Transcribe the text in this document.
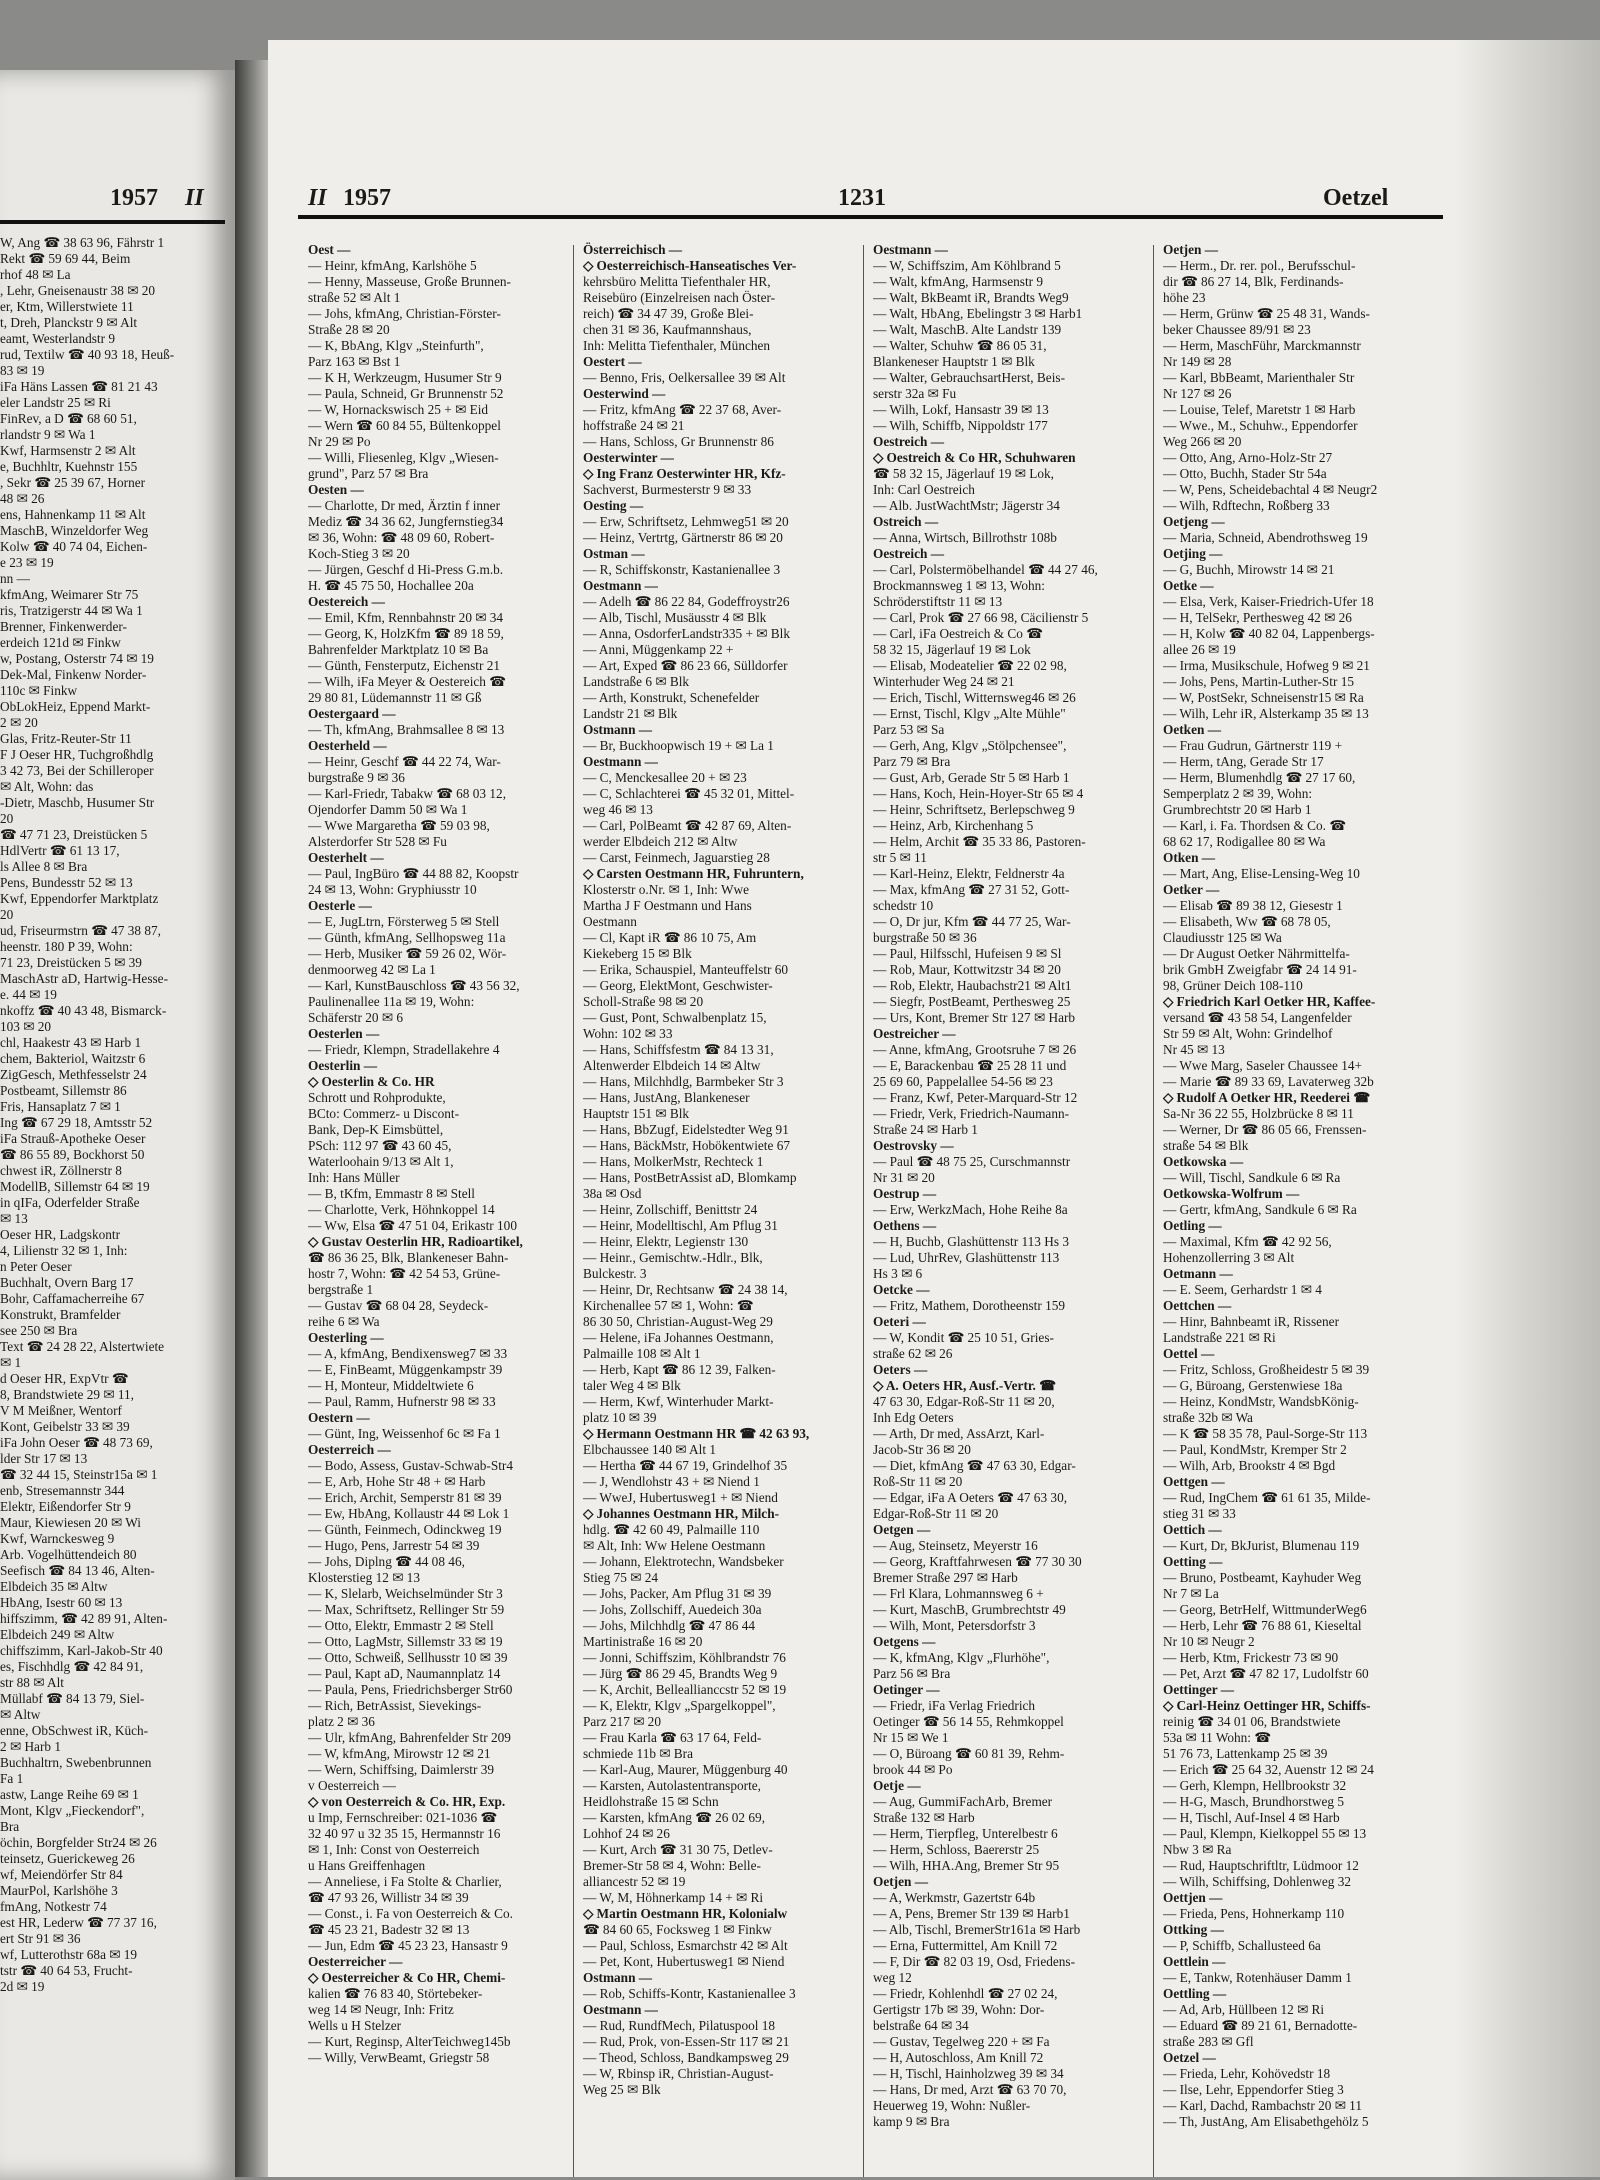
1957 II
W, Ang ☎ 38 63 96, Fährstr 1
Rekt ☎ 59 69 44, Beim
rhof 48 ✉ La
, Lehr, Gneisenaustr 38 ✉ 20
er, Ktm, Willerstwiete 11
t, Dreh, Planckstr 9 ✉ Alt
eamt, Westerlandstr 9
rud, Textilw ☎ 40 93 18, Heuß-
83 ✉ 19
iFa Häns Lassen ☎ 81 21 43
eler Landstr 25 ✉ Ri
FinRev, a D ☎ 68 60 51,
rlandstr 9 ✉ Wa 1
Kwf, Harmsenstr 2 ✉ Alt
e, Buchhltr, Kuehnstr 155
, Sekr ☎ 25 39 67, Horner
48 ✉ 26
ens, Hahnenkamp 11 ✉ Alt
MaschB, Winzeldorfer Weg
Kolw ☎ 40 74 04, Eichen-
e 23 ✉ 19
nn —
kfmAng, Weimarer Str 75
ris, Tratzigerstr 44 ✉ Wa 1
Brenner, Finkenwerder-
erdeich 121d ✉ Finkw
w, Postang, Osterstr 74 ✉ 19
Dek-Mal, Finkenw Norder-
110c ✉ Finkw
ObLokHeiz, Eppend Markt-
2 ✉ 20
Glas, Fritz-Reuter-Str 11
F J Oeser HR, Tuchgroßhdlg
3 42 73, Bei der Schilleroper
✉ Alt, Wohn: das
-Dietr, Maschb, Husumer Str
20
☎ 47 71 23, Dreistücken 5
HdlVertr ☎ 61 13 17,
ls Allee 8 ✉ Bra
Pens, Bundesstr 52 ✉ 13
Kwf, Eppendorfer Marktplatz
20
ud, Friseurmstrn ☎ 47 38 87,
heenstr. 180 P 39, Wohn:
71 23, Dreistücken 5 ✉ 39
MaschAstr aD, Hartwig-Hesse-
e. 44 ✉ 19
nkoffz ☎ 40 43 48, Bismarck-
103 ✉ 20
chl, Haakestr 43 ✉ Harb 1
chem, Bakteriol, Waitzstr 6
ZigGesch, Methfesselstr 24
Postbeamt, Sillemstr 86
Fris, Hansaplatz 7 ✉ 1
Ing ☎ 67 29 18, Amtsstr 52
iFa Strauß-Apotheke Oeser
☎ 86 55 89, Bockhorst 50
chwest iR, Zöllnerstr 8
ModellB, Sillemstr 64 ✉ 19
in qIFa, Oderfelder Straße
✉ 13
Oeser HR, Ladgskontr
4, Lilienstr 32 ✉ 1, Inh:
n Peter Oeser
Buchhalt, Overn Barg 17
Bohr, Caffamacherreihe 67
Konstrukt, Bramfelder
see 250 ✉ Bra
Text ☎ 24 28 22, Alstertwiete
✉ 1
d Oeser HR, ExpVtr ☎
8, Brandstwiete 29 ✉ 11,
V M Meißner, Wentorf
Kont, Geibelstr 33 ✉ 39
iFa John Oeser ☎ 48 73 69,
lder Str 17 ✉ 13
☎ 32 44 15, Steinstr15a ✉ 1
enb, Stresemannstr 344
Elektr, Eißendorfer Str 9
Maur, Kiewiesen 20 ✉ Wi
Kwf, Warnckesweg 9
Arb. Vogelhüttendeich 80
Seefisch ☎ 84 13 46, Alten-
Elbdeich 35 ✉ Altw
HbAng, Isestr 60 ✉ 13
hiffszimm, ☎ 42 89 91, Alten-
Elbdeich 249 ✉ Altw
chiffszimm, Karl-Jakob-Str 40
es, Fischhdlg ☎ 42 84 91,
str 88 ✉ Alt
Müllabf ☎ 84 13 79, Siel-
✉ Altw
enne, ObSchwest iR, Küch-
2 ✉ Harb 1
Buchhaltrn, Swebenbrunnen
Fa 1
astw, Lange Reihe 69 ✉ 1
Mont, Klgv „Fieckendorf",
Bra
öchin, Borgfelder Str24 ✉ 26
teinsetz, Guerickeweg 26
wf, Meiendörfer Str 84
MaurPol, Karlshöhe 3
fmAng, Notkestr 74
est HR, Lederw ☎ 77 37 16,
ert Str 91 ✉ 36
wf, Lutterothstr 68a ✉ 19
tstr ☎ 40 64 53, Frucht-
2d ✉ 19
II 1957	1231	Oetzel
Oest —
— Heinr, kfmAng, Karlshöhe 5
— Henny, Masseuse, Große Brunnen-
straße 52 ✉ Alt 1
— Johs, kfmAng, Christian-Förster-
Straße 28 ✉ 20
— K, BbAng, Klgv „Steinfurth",
Parz 163 ✉ Bst 1
— K H, Werkzeugm, Husumer Str 9
— Paula, Schneid, Gr Brunnenstr 52
— W, Hornackswisch 25 + ✉ Eid
— Wern ☎ 60 84 55, Bültenkoppel
Nr 29 ✉ Po
— Willi, Fliesenleg, Klgv „Wiesen-
grund", Parz 57 ✉ Bra
Oesten —
— Charlotte, Dr med, Ärztin f inner
Mediz ☎ 34 36 62, Jungfernstieg34
✉ 36, Wohn: ☎ 48 09 60, Robert-
Koch-Stieg 3 ✉ 20
— Jürgen, Geschf d Hi-Press G.m.b.
H. ☎ 45 75 50, Hochallee 20a
Oestereich —
— Emil, Kfm, Rennbahnstr 20 ✉ 34
— Georg, K, HolzKfm ☎ 89 18 59,
Bahrenfelder Marktplatz 10 ✉ Ba
— Günth, Fensterputz, Eichenstr 21
— Wilh, iFa Meyer & Oestereich ☎
29 80 81, Lüdemannstr 11 ✉ Gß
Oestergaard —
— Th, kfmAng, Brahmsallee 8 ✉ 13
Oesterheld —
— Heinr, Geschf ☎ 44 22 74, War-
burgstraße 9 ✉ 36
— Karl-Friedr, Tabakw ☎ 68 03 12,
Ojendorfer Damm 50 ✉ Wa 1
— Wwe Margaretha ☎ 59 03 98,
Alsterdorfer Str 528 ✉ Fu
Oesterhelt —
— Paul, IngBüro ☎ 44 88 82, Koopstr
24 ✉ 13, Wohn: Gryphiusstr 10
Oesterle —
— E, JugLtrn, Försterweg 5 ✉ Stell
— Günth, kfmAng, Sellhopsweg 11a
— Herb, Musiker ☎ 59 26 02, Wör-
denmoorweg 42 ✉ La 1
— Karl, KunstBauschloss ☎ 43 56 32,
Paulinenallee 11a ✉ 19, Wohn:
Schäferstr 20 ✉ 6
Oesterlen —
— Friedr, Klempn, Stradellakehre 4
Oesterlin —
◇ Oesterlin & Co. HR
Schrott und Rohprodukte,
BCto: Commerz- u Discont-
Bank, Dep-K Eimsbüttel,
PSch: 112 97 ☎ 43 60 45,
Waterloohain 9/13 ✉ Alt 1,
Inh: Hans Müller
— B, tKfm, Emmastr 8 ✉ Stell
— Charlotte, Verk, Höhnkoppel 14
— Ww, Elsa ☎ 47 51 04, Erikastr 100
◇ Gustav Oesterlin HR, Radioartikel,
☎ 86 36 25, Blk, Blankeneser Bahn-
hostr 7, Wohn: ☎ 42 54 53, Grüne-
bergstraße 1
— Gustav ☎ 68 04 28, Seydeck-
reihe 6 ✉ Wa
Oesterling —
— A, kfmAng, Bendixensweg7 ✉ 33
— E, FinBeamt, Müggenkampstr 39
— H, Monteur, Middeltwiete 6
— Paul, Ramm, Hufnerstr 98 ✉ 33
Oestern —
— Günt, Ing, Weissenhof 6c ✉ Fa 1
Oesterreich —
— Bodo, Assess, Gustav-Schwab-Str4
— E, Arb, Hohe Str 48 + ✉ Harb
— Erich, Archit, Semperstr 81 ✉ 39
— Ew, HbAng, Kollaustr 44 ✉ Lok 1
— Günth, Feinmech, Odinckweg 19
— Hugo, Pens, Jarrestr 54 ✉ 39
— Johs, Diplng ☎ 44 08 46,
Klosterstieg 12 ✉ 13
— K, Slelarb, Weichselmünder Str 3
— Max, Schriftsetz, Rellinger Str 59
— Otto, Elektr, Emmastr 2 ✉ Stell
— Otto, LagMstr, Sillemstr 33 ✉ 19
— Otto, Schweiß, Sellhusstr 10 ✉ 39
— Paul, Kapt aD, Naumannplatz 14
— Paula, Pens, Friedrichsberger Str60
— Rich, BetrAssist, Sievekings-
platz 2 ✉ 36
— Ulr, kfmAng, Bahrenfelder Str 209
— W, kfmAng, Mirowstr 12 ✉ 21
— Wern, Schiffsing, Daimlerstr 39
v Oesterreich —
◇ von Oesterreich & Co. HR, Exp.
u Imp, Fernschreiber: 021-1036 ☎
32 40 97 u 32 35 15, Hermannstr 16
✉ 1, Inh: Const von Oesterreich
u Hans Greiffenhagen
— Anneliese, i Fa Stolte & Charlier,
☎ 47 93 26, Willistr 34 ✉ 39
— Const., i. Fa von Oesterreich & Co.
☎ 45 23 21, Badestr 32 ✉ 13
— Jun, Edm ☎ 45 23 23, Hansastr 9
Oesterreicher —
◇ Oesterreicher & Co HR, Chemi-
kalien ☎ 76 83 40, Störtebeker-
weg 14 ✉ Neugr, Inh: Fritz
Wells u H Stelzer
— Kurt, Reginsp, AlterTeichweg145b
— Willy, VerwBeamt, Griegstr 58
Österreichisch —
◇ Oesterreichisch-Hanseatisches Ver-
kehrsbüro Melitta Tiefenthaler HR,
Reisebüro (Einzelreisen nach Öster-
reich) ☎ 34 47 39, Große Blei-
chen 31 ✉ 36, Kaufmannshaus,
Inh: Melitta Tiefenthaler, München
Oestert —
— Benno, Fris, Oelkersallee 39 ✉ Alt
Oesterwind —
— Fritz, kfmAng ☎ 22 37 68, Aver-
hoffstraße 24 ✉ 21
— Hans, Schloss, Gr Brunnenstr 86
Oesterwinter —
◇ Ing Franz Oesterwinter HR, Kfz-
Sachverst, Burmesterstr 9 ✉ 33
Oesting —
— Erw, Schriftsetz, Lehmweg51 ✉ 20
— Heinz, Vertrtg, Gärtnerstr 86 ✉ 20
Ostman —
— R, Schiffskonstr, Kastanienallee 3
Oestmann —
— Adelh ☎ 86 22 84, Godeffroystr26
— Alb, Tischl, Musäusstr 4 ✉ Blk
— Anna, OsdorferLandstr335 + ✉ Blk
— Anni, Müggenkamp 22 +
— Art, Exped ☎ 86 23 66, Sülldorfer
Landstraße 6 ✉ Blk
— Arth, Konstrukt, Schenefelder
Landstr 21 ✉ Blk
Ostmann —
— Br, Buckhoopwisch 19 + ✉ La 1
Oestmann —
— C, Menckesallee 20 + ✉ 23
— C, Schlachterei ☎ 45 32 01, Mittel-
weg 46 ✉ 13
— Carl, PolBeamt ☎ 42 87 69, Alten-
werder Elbdeich 212 ✉ Altw
— Carst, Feinmech, Jaguarstieg 28
◇ Carsten Oestmann HR, Fuhruntern,
Klosterstr o.Nr. ✉ 1, Inh: Wwe
Martha J F Oestmann und Hans
Oestmann
— Cl, Kapt iR ☎ 86 10 75, Am
Kiekeberg 15 ✉ Blk
— Erika, Schauspiel, Manteuffelstr 60
— Georg, ElektMont, Geschwister-
Scholl-Straße 98 ✉ 20
— Gust, Pont, Schwalbenplatz 15,
Wohn: 102 ✉ 33
— Hans, Schiffsfestm ☎ 84 13 31,
Altenwerder Elbdeich 14 ✉ Altw
— Hans, Milchhdlg, Barmbeker Str 3
— Hans, JustAng, Blankeneser
Hauptstr 151 ✉ Blk
— Hans, BbZugf, Eidelstedter Weg 91
— Hans, BäckMstr, Hobökentwiete 67
— Hans, MolkerMstr, Rechteck 1
— Hans, PostBetrAssist aD, Blomkamp
38a ✉ Osd
— Heinr, Zollschiff, Benittstr 24
— Heinr, Modelltischl, Am Pflug 31
— Heinr, Elektr, Legienstr 130
— Heinr., Gemischtw.-Hdlr., Blk,
Bulckestr. 3
— Heinr, Dr, Rechtsanw ☎ 24 38 14,
Kirchenallee 57 ✉ 1, Wohn: ☎
86 30 50, Christian-August-Weg 29
— Helene, iFa Johannes Oestmann,
Palmaille 108 ✉ Alt 1
— Herb, Kapt ☎ 86 12 39, Falken-
taler Weg 4 ✉ Blk
— Herm, Kwf, Winterhuder Markt-
platz 10 ✉ 39
◇ Hermann Oestmann HR ☎ 42 63 93,
Elbchaussee 140 ✉ Alt 1
— Hertha ☎ 44 67 19, Grindelhof 35
— J, Wendlohstr 43 + ✉ Niend 1
— WweJ, Hubertusweg1 + ✉ Niend
◇ Johannes Oestmann HR, Milch-
hdlg. ☎ 42 60 49, Palmaille 110
✉ Alt, Inh: Ww Helene Oestmann
— Johann, Elektrotechn, Wandsbeker
Stieg 75 ✉ 24
— Johs, Packer, Am Pflug 31 ✉ 39
— Johs, Zollschiff, Auedeich 30a
— Johs, Milchhdlg ☎ 47 86 44
Martinistraße 16 ✉ 20
— Jonni, Schiffszim, Köhlbrandstr 76
— Jürg ☎ 86 29 45, Brandts Weg 9
— K, Archit, Belleallianccstr 52 ✉ 19
— K, Elektr, Klgv „Spargelkoppel",
Parz 217 ✉ 20
— Frau Karla ☎ 63 17 64, Feld-
schmiede 11b ✉ Bra
— Karl-Aug, Maurer, Müggenburg 40
— Karsten, Autolastentransporte,
Heidlohstraße 15 ✉ Schn
— Karsten, kfmAng ☎ 26 02 69,
Lohhof 24 ✉ 26
— Kurt, Arch ☎ 31 30 75, Detlev-
Bremer-Str 58 ✉ 4, Wohn: Belle-
alliancestr 52 ✉ 19
— W, M, Höhnerkamp 14 + ✉ Ri
◇ Martin Oestmann HR, Kolonialw
☎ 84 60 65, Focksweg 1 ✉ Finkw
— Paul, Schloss, Esmarchstr 42 ✉ Alt
— Pet, Kont, Hubertusweg1 ✉ Niend
Ostmann —
— Rob, Schiffs-Kontr, Kastanienallee 3
Oestmann —
— Rud, RundfMech, Pilatuspool 18
— Rud, Prok, von-Essen-Str 117 ✉ 21
— Theod, Schloss, Bandkampsweg 29
— W, Rbinsp iR, Christian-August-
Weg 25 ✉ Blk
Oestmann —
— W, Schiffszim, Am Köhlbrand 5
— Walt, kfmAng, Harmsenstr 9
— Walt, BkBeamt iR, Brandts Weg9
— Walt, HbAng, Ebelingstr 3 ✉ Harb1
— Walt, MaschB. Alte Landstr 139
— Walter, Schuhw ☎ 86 05 31,
Blankeneser Hauptstr 1 ✉ Blk
— Walter, GebrauchsartHerst, Beis-
serstr 32a ✉ Fu
— Wilh, Lokf, Hansastr 39 ✉ 13
— Wilh, Schiffb, Nippoldstr 177
Oestreich —
◇ Oestreich & Co HR, Schuhwaren
☎ 58 32 15, Jägerlauf 19 ✉ Lok,
Inh: Carl Oestreich
— Alb. JustWachtMstr; Jägerstr 34
Ostreich —
— Anna, Wirtsch, Billrothstr 108b
Oestreich —
— Carl, Polstermöbelhandel ☎ 44 27 46,
Brockmannsweg 1 ✉ 13, Wohn:
Schröderstiftstr 11 ✉ 13
— Carl, Prok ☎ 27 66 98, Cäcilienstr 5
— Carl, iFa Oestreich & Co ☎
58 32 15, Jägerlauf 19 ✉ Lok
— Elisab, Modeatelier ☎ 22 02 98,
Winterhuder Weg 24 ✉ 21
— Erich, Tischl, Witternsweg46 ✉ 26
— Ernst, Tischl, Klgv „Alte Mühle"
Parz 53 ✉ Sa
— Gerh, Ang, Klgv „Stölpchensee",
Parz 79 ✉ Bra
— Gust, Arb, Gerade Str 5 ✉ Harb 1
— Hans, Koch, Hein-Hoyer-Str 65 ✉ 4
— Heinr, Schriftsetz, Berlepschweg 9
— Heinz, Arb, Kirchenhang 5
— Helm, Archit ☎ 35 33 86, Pastoren-
str 5 ✉ 11
— Karl-Heinz, Elektr, Feldnerstr 4a
— Max, kfmAng ☎ 27 31 52, Gott-
schedstr 10
— O, Dr jur, Kfm ☎ 44 77 25, War-
burgstraße 50 ✉ 36
— Paul, Hilfsschl, Hufeisen 9 ✉ Sl
— Rob, Maur, Kottwitzstr 34 ✉ 20
— Rob, Elektr, Haubachstr21 ✉ Alt1
— Siegfr, PostBeamt, Perthesweg 25
— Urs, Kont, Bremer Str 127 ✉ Harb
Oestreicher —
— Anne, kfmAng, Grootsruhe 7 ✉ 26
— E, Barackenbau ☎ 25 28 11 und
25 69 60, Pappelallee 54-56 ✉ 23
— Franz, Kwf, Peter-Marquard-Str 12
— Friedr, Verk, Friedrich-Naumann-
Straße 24 ✉ Harb 1
Oestrovsky —
— Paul ☎ 48 75 25, Curschmannstr
Nr 31 ✉ 20
Oestrup —
— Erw, WerkzMach, Hohe Reihe 8a
Oethens —
— H, Buchb, Glashüttenstr 113 Hs 3
— Lud, UhrRev, Glashüttenstr 113
Hs 3 ✉ 6
Oetcke —
— Fritz, Mathem, Dorotheenstr 159
Oeteri —
— W, Kondit ☎ 25 10 51, Gries-
straße 62 ✉ 26
Oeters —
◇ A. Oeters HR, Ausf.-Vertr. ☎
47 63 30, Edgar-Roß-Str 11 ✉ 20,
Inh Edg Oeters
— Arth, Dr med, AssArzt, Karl-
Jacob-Str 36 ✉ 20
— Diet, kfmAng ☎ 47 63 30, Edgar-
Roß-Str 11 ✉ 20
— Edgar, iFa A Oeters ☎ 47 63 30,
Edgar-Roß-Str 11 ✉ 20
Oetgen —
— Aug, Steinsetz, Meyerstr 16
— Georg, Kraftfahrwesen ☎ 77 30 30
Bremer Straße 297 ✉ Harb
— Frl Klara, Lohmannsweg 6 +
— Kurt, MaschB, Grumbrechtstr 49
— Wilh, Mont, Petersdorfstr 3
Oetgens —
— K, kfmAng, Klgv „Flurhöhe",
Parz 56 ✉ Bra
Oetinger —
— Friedr, iFa Verlag Friedrich
Oetinger ☎ 56 14 55, Rehmkoppel
Nr 15 ✉ We 1
— O, Büroang ☎ 60 81 39, Rehm-
brook 44 ✉ Po
Oetje —
— Aug, GummiFachArb, Bremer
Straße 132 ✉ Harb
— Herm, Tierpfleg, Unterelbestr 6
— Herm, Schloss, Baererstr 25
— Wilh, HHA.Ang, Bremer Str 95
Oetjen —
— A, Werkmstr, Gazertstr 64b
— A, Pens, Bremer Str 139 ✉ Harb1
— Alb, Tischl, BremerStr161a ✉ Harb
— Erna, Futtermittel, Am Knill 72
— F, Dir ☎ 82 03 19, Osd, Friedens-
weg 12
— Friedr, Kohlenhdl ☎ 27 02 24,
Gertigstr 17b ✉ 39, Wohn: Dor-
belstraße 64 ✉ 34
— Gustav, Tegelweg 220 + ✉ Fa
— H, Autoschloss, Am Knill 72
— H, Tischl, Hainholzweg 39 ✉ 34
— Hans, Dr med, Arzt ☎ 63 70 70,
Heuerweg 19, Wohn: Nußler-
kamp 9 ✉ Bra
Oetjen —
— Herm., Dr. rer. pol., Berufsschul-
dir ☎ 86 27 14, Blk, Ferdinands-
höhe 23
— Herm, Grünw ☎ 25 48 31, Wands-
beker Chaussee 89/91 ✉ 23
— Herm, MaschFühr, Marckmannstr
Nr 149 ✉ 28
— Karl, BbBeamt, Marienthaler Str
Nr 127 ✉ 26
— Louise, Telef, Maretstr 1 ✉ Harb
— Wwe., M., Schuhw., Eppendorfer
Weg 266 ✉ 20
— Otto, Ang, Arno-Holz-Str 27
— Otto, Buchh, Stader Str 54a
— W, Pens, Scheidebachtal 4 ✉ Neugr2
— Wilh, Rdftechn, Roßberg 33
Oetjeng —
— Maria, Schneid, Abendrothsweg 19
Oetjing —
— G, Buchh, Mirowstr 14 ✉ 21
Oetke —
— Elsa, Verk, Kaiser-Friedrich-Ufer 18
— H, TelSekr, Perthesweg 42 ✉ 26
— H, Kolw ☎ 40 82 04, Lappenbergs-
allee 26 ✉ 19
— Irma, Musikschule, Hofweg 9 ✉ 21
— Johs, Pens, Martin-Luther-Str 15
— W, PostSekr, Schneisenstr15 ✉ Ra
— Wilh, Lehr iR, Alsterkamp 35 ✉ 13
Oetken —
— Frau Gudrun, Gärtnerstr 119 +
— Herm, tAng, Gerade Str 17
— Herm, Blumenhdlg ☎ 27 17 60,
Semperplatz 2 ✉ 39, Wohn:
Grumbrechtstr 20 ✉ Harb 1
— Karl, i. Fa. Thordsen & Co. ☎
68 62 17, Rodigallee 80 ✉ Wa
Otken —
— Mart, Ang, Elise-Lensing-Weg 10
Oetker —
— Elisab ☎ 89 38 12, Giesestr 1
— Elisabeth, Ww ☎ 68 78 05,
Claudiusstr 125 ✉ Wa
— Dr August Oetker Nährmittelfa-
brik GmbH Zweigfabr ☎ 24 14 91-
98, Grüner Deich 108-110
◇ Friedrich Karl Oetker HR, Kaffee-
versand ☎ 43 58 54, Langenfelder
Str 59 ✉ Alt, Wohn: Grindelhof
Nr 45 ✉ 13
— Wwe Marg, Saseler Chaussee 14+
— Marie ☎ 89 33 69, Lavaterweg 32b
◇ Rudolf A Oetker HR, Reederei ☎
Sa-Nr 36 22 55, Holzbrücke 8 ✉ 11
— Werner, Dr ☎ 86 05 66, Frenssen-
straße 54 ✉ Blk
Oetkowska —
— Will, Tischl, Sandkule 6 ✉ Ra
Oetkowska-Wolfrum —
— Gertr, kfmAng, Sandkule 6 ✉ Ra
Oetling —
— Maximal, Kfm ☎ 42 92 56,
Hohenzollerring 3 ✉ Alt
Oetmann —
— E. Seem, Gerhardstr 1 ✉ 4
Oettchen —
— Hinr, Bahnbeamt iR, Rissener
Landstraße 221 ✉ Ri
Oettel —
— Fritz, Schloss, Großheidestr 5 ✉ 39
— G, Büroang, Gerstenwiese 18a
— Heinz, KondMstr, WandsbKönig-
straße 32b ✉ Wa
— K ☎ 58 35 78, Paul-Sorge-Str 113
— Paul, KondMstr, Kremper Str 2
— Wilh, Arb, Brookstr 4 ✉ Bgd
Oettgen —
— Rud, IngChem ☎ 61 61 35, Milde-
stieg 31 ✉ 33
Oettich —
— Kurt, Dr, BkJurist, Blumenau 119
Oetting —
— Bruno, Postbeamt, Kayhuder Weg
Nr 7 ✉ La
— Georg, BetrHelf, WittmunderWeg6
— Herb, Lehr ☎ 76 88 61, Kieseltal
Nr 10 ✉ Neugr 2
— Herb, Ktm, Frickestr 73 ✉ 90
— Pet, Arzt ☎ 47 82 17, Ludolfstr 60
Oettinger —
◇ Carl-Heinz Oettinger HR, Schiffs-
reinig ☎ 34 01 06, Brandstwiete
53a ✉ 11 Wohn: ☎
51 76 73, Lattenkamp 25 ✉ 39
— Erich ☎ 25 64 32, Auenstr 12 ✉ 24
— Gerh, Klempn, Hellbrookstr 32
— H-G, Masch, Brundhorstweg 5
— H, Tischl, Auf-Insel 4 ✉ Harb
— Paul, Klempn, Kielkoppel 55 ✉ 13
Nbw 3 ✉ Ra
— Rud, Hauptschriftltr, Lüdmoor 12
— Wilh, Schiffsing, Dohlenweg 32
Oettjen —
— Frieda, Pens, Hohnerkamp 110
Ottking —
— P, Schiffb, Schallusteed 6a
Oettlein —
— E, Tankw, Rotenhäuser Damm 1
Oettling —
— Ad, Arb, Hüllbeen 12 ✉ Ri
— Eduard ☎ 89 21 61, Bernadotte-
straße 283 ✉ Gfl
Oetzel —
— Frieda, Lehr, Kohövedstr 18
— Ilse, Lehr, Eppendorfer Stieg 3
— Karl, Dachd, Rambachstr 20 ✉ 11
— Th, JustAng, Am Elisabethgehölz 5
